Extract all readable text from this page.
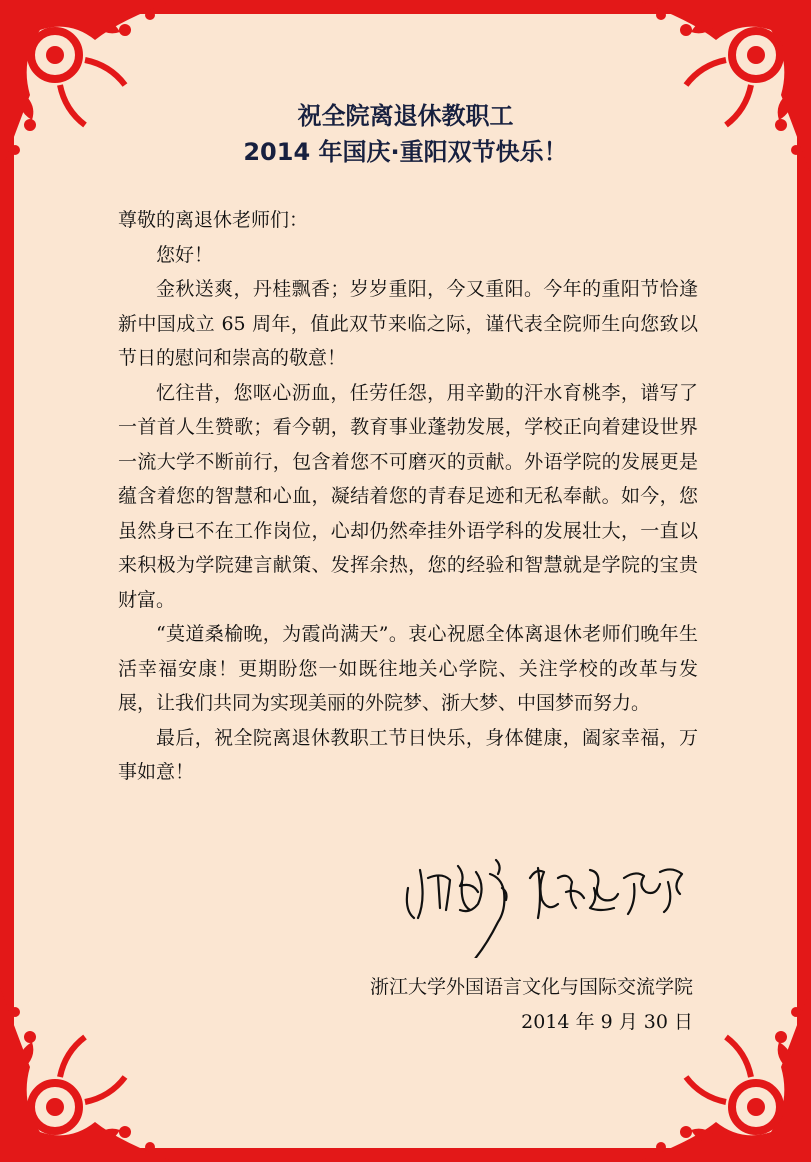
祝全院离退休教职工
2014 年国庆·重阳双节快乐！

尊敬的离退休老师们：

您好！

金秋送爽，丹桂飘香；岁岁重阳，今又重阳。今年的重阳节恰逢新中国成立 65 周年，值此双节来临之际，谨代表全院师生向您致以节日的慰问和崇高的敬意！

忆往昔，您呕心沥血，任劳任怨，用辛勤的汗水育桃李，谱写了一首首人生赞歌；看今朝，教育事业蓬勃发展，学校正向着建设世界一流大学不断前行，包含着您不可磨灭的贡献。外语学院的发展更是蕴含着您的智慧和心血，凝结着您的青春足迹和无私奉献。如今，您虽然身已不在工作岗位，心却仍然牵挂外语学科的发展壮大，一直以来积极为学院建言献策、发挥余热，您的经验和智慧就是学院的宝贵财富。

“莫道桑榆晚，为霞尚满天”。衷心祝愿全体离退休老师们晚年生活幸福安康！更期盼您一如既往地关心学院、关注学校的改革与发展，让我们共同为实现美丽的外院梦、浙大梦、中国梦而努力。

最后，祝全院离退休教职工节日快乐，身体健康，阖家幸福，万事如意！

浙江大学外国语言文化与国际交流学院
2014 年 9 月 30 日
